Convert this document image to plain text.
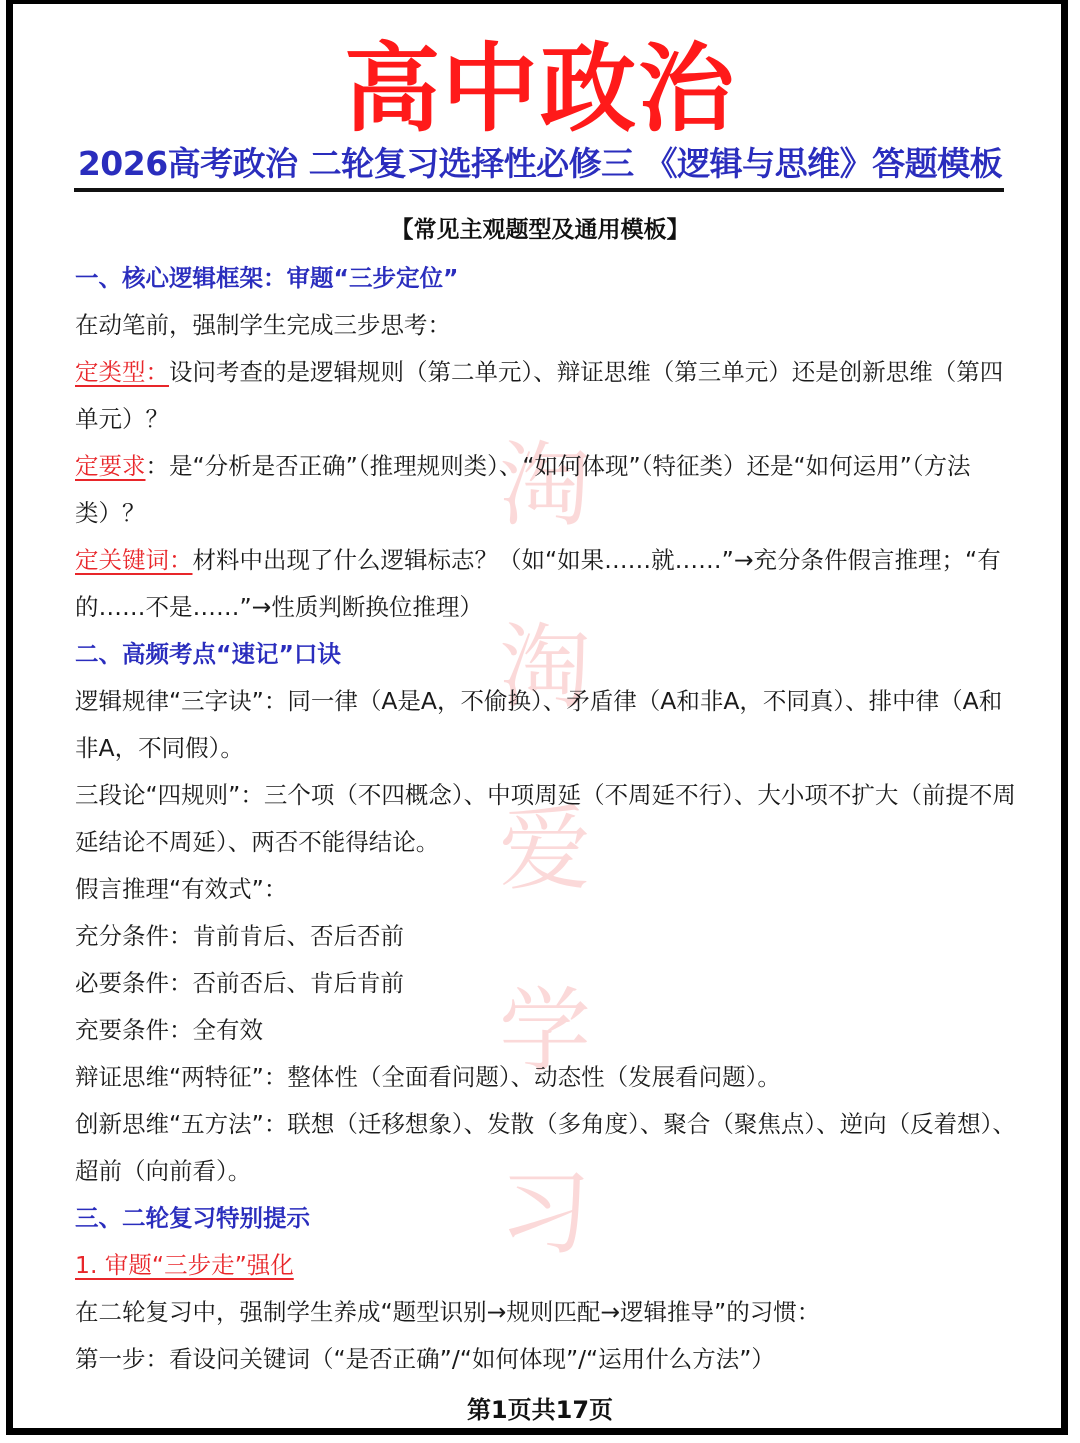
淘
淘
爱
学
习
高中政治
2026高考政治 二轮复习选择性必修三 《逻辑与思维》答题模板
【常见主观题型及通用模板】

一、核心逻辑框架：审题“三步定位”

在动笔前，强制学生完成三步思考：

定类型：设问考查的是逻辑规则（第二单元）、辩证思维（第三单元）还是创新思维（第四单元）？

定要求：是“分析是否正确”（推理规则类）、“如何体现”（特征类）还是“如何运用”（方法类）？

定关键词：材料中出现了什么逻辑标志？（如“如果……就……”→充分条件假言推理；“有的……不是……”→性质判断换位推理）

二、高频考点“速记”口诀

逻辑规律“三字诀”：同一律（A是A，不偷换）、矛盾律（A和非A，不同真）、排中律（A和非A，不同假）。

三段论“四规则”：三个项（不四概念）、中项周延（不周延不行）、大小项不扩大（前提不周延结论不周延）、两否不能得结论。

假言推理“有效式”：

充分条件：肯前肯后、否后否前

必要条件：否前否后、肯后肯前

充要条件：全有效

辩证思维“两特征”：整体性（全面看问题）、动态性（发展看问题）。

创新思维“五方法”：联想（迁移想象）、发散（多角度）、聚合（聚焦点）、逆向（反着想）、超前（向前看）。

三、二轮复习特别提示

1. 审题“三步走”强化

在二轮复习中，强制学生养成“题型识别→规则匹配→逻辑推导”的习惯：

第一步：看设问关键词（“是否正确”/“如何体现”/“运用什么方法”）

第1页共17页
